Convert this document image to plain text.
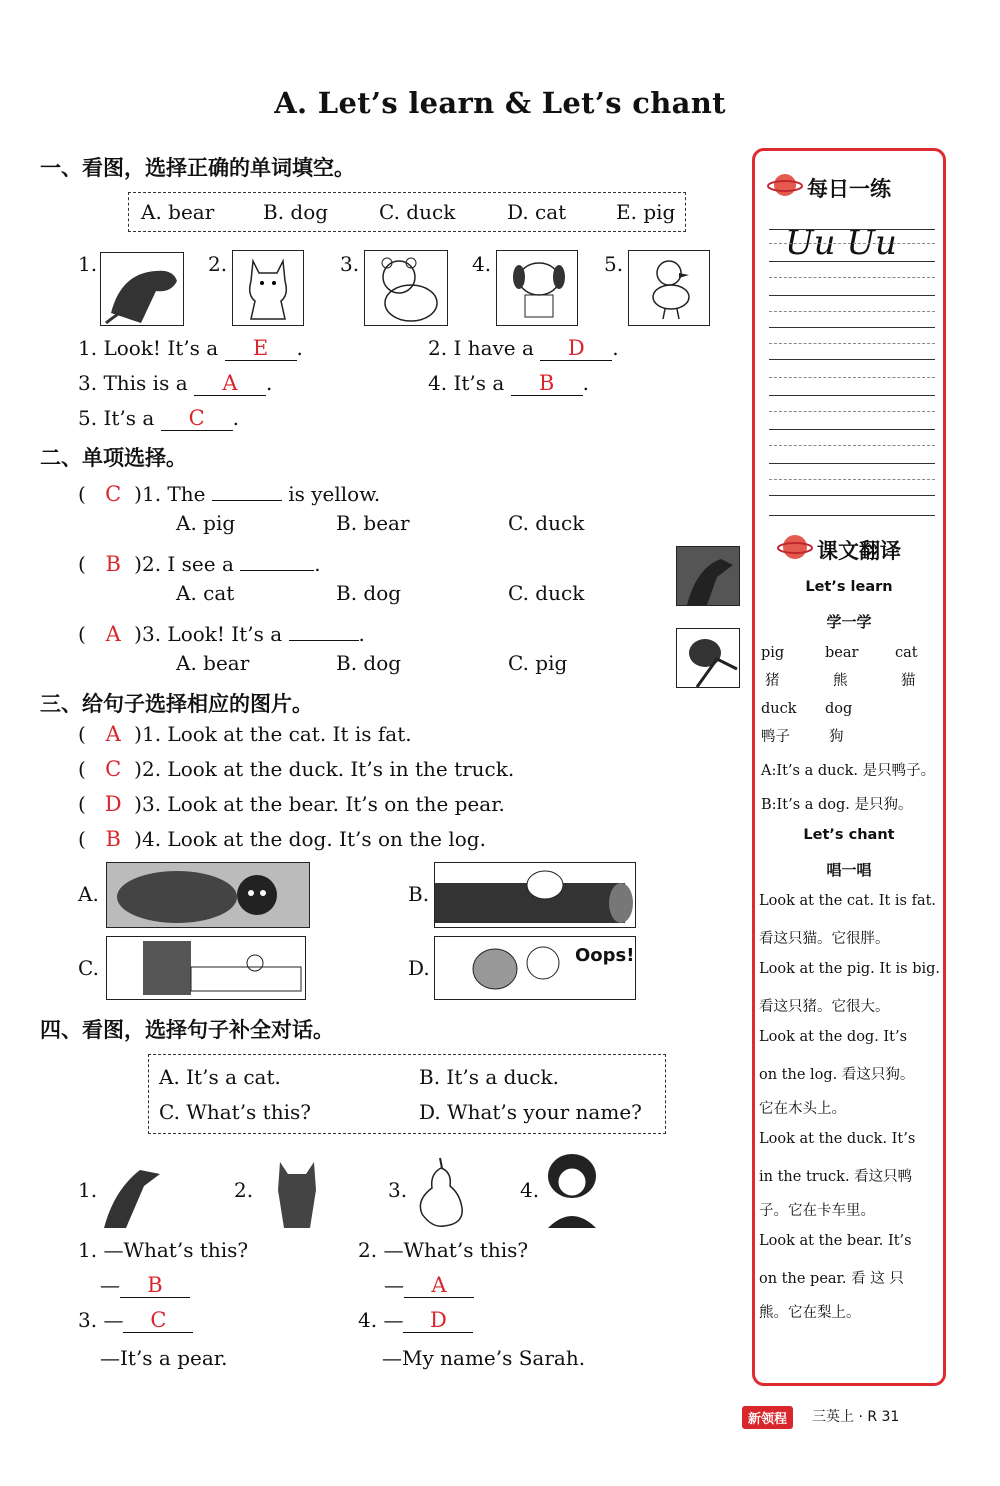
A. Let’s learn & Let’s chant
一、看图，选择正确的单词填空。
A. bear B. dog	C. duck	D. cat E. pig
1.	2.	3.	4.	5.
1. Look! It’s a E .	2. I have a D .
3. This is a A .	4. It’s a B .
5. It’s a C .
二、单项选择。
( C )1. The	is yellow.
A. pig	B. bear	C. duck
( B )2. I see a	.
A. cat	B. dog	C. duck
( A )3. Look! It’s a	.
A. bear	B. dog	C. pig
三、给句子选择相应的图片。
( A )1. Look at the cat. It is fat.
( C )2. Look at the duck. It’s in the truck.
( D )3. Look at the bear. It’s on the pear.
( B )4. Look at the dog. It’s on the log.
A.	B.
C.	D.
Oops!
四、看图，选择句子补全对话。
A. It’s a cat.	B. It’s a duck.
C. What’s this?	D. What’s your name?
1.	2.	3.	4.
1. —What’s this?
— B
2. —What’s this?
— A
3. — C
—It’s a pear.
4. — D
—My name’s Sarah.
每日一练
Uu Uu
课文翻译
Let’s learn
学一学
pig	bear	cat
猪	熊	猫
duck dog
鸭子	狗
A:It’s a duck. 是只鸭子。
B:It’s a dog. 是只狗。
Let’s chant
唱一唱
Look at the cat. It is fat.
看这只猫。它很胖。
Look at the pig. It is big.
看这只猪。它很大。
Look at the dog. It’s
on the log. 看这只狗。
它在木头上。
Look at the duck. It’s
in the truck. 看这只鸭
子。它在卡车里。
Look at the bear. It’s
on the pear. 看 这 只
熊。它在梨上。
新领程	三英上 · R 31
